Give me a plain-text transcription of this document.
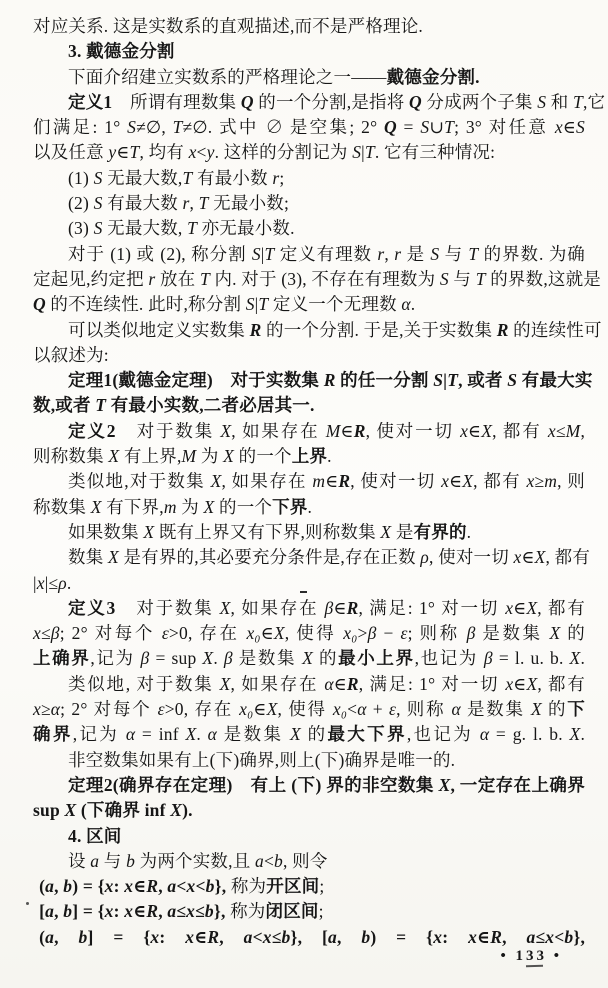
对应关系. 这是实数系的直观描述,而不是严格理论.
3. 戴德金分割
下面介绍建立实数系的严格理论之一——戴德金分割.
定义1　所谓有理数集 Q 的一个分割,是指将 Q 分成两个子集 S 和 T,它
们满足: 1° S≠∅, T≠∅. 式中 ∅ 是空集; 2° Q = S∪T; 3° 对任意 x∈S
以及任意 y∈T, 均有 x<y. 这样的分割记为 S|T. 它有三种情况:
(1) S 无最大数,T 有最小数 r;
(2) S 有最大数 r, T 无最小数;
(3) S 无最大数, T 亦无最小数.
对于 (1) 或 (2), 称分割 S|T 定义有理数 r, r 是 S 与 T 的界数. 为确
定起见,约定把 r 放在 T 内. 对于 (3), 不存在有理数为 S 与 T 的界数,这就是
Q 的不连续性. 此时,称分割 S|T 定义一个无理数 α.
可以类似地定义实数集 R 的一个分割. 于是,关于实数集 R 的连续性可
以叙述为:
定理1(戴德金定理)　对于实数集 R 的任一分割 S|T, 或者 S 有最大实
数,或者 T 有最小实数,二者必居其一.
定义2　对于数集 X, 如果存在 M∈R, 使对一切 x∈X, 都有 x≤M,
则称数集 X 有上界,M 为 X 的一个上界.
类似地,对于数集 X, 如果存在 m∈R, 使对一切 x∈X, 都有 x≥m, 则
称数集 X 有下界,m 为 X 的一个下界.
如果数集 X 既有上界又有下界,则称数集 X 是有界的.
数集 X 是有界的,其必要充分条件是,存在正数 ρ, 使对一切 x∈X, 都有
|x|≤ρ.
定义3　对于数集 X, 如果存在 β∈R, 满足: 1° 对一切 x∈X, 都有
x≤β; 2° 对每个 ε>0, 存在 x₀∈X, 使得 x₀>β − ε; 则称 β 是数集 X 的
上确界,记为 β = sup X. β 是数集 X 的最小上界,也记为 β = l. u. b. X.
类似地, 对于数集 X, 如果存在 α∈R, 满足: 1° 对一切 x∈X, 都有
x≥α; 2° 对每个 ε>0, 存在 x₀∈X, 使得 x₀<α + ε, 则称 α 是数集 X 的下
确界,记为 α = inf X. α 是数集 X 的最大下界,也记为 α = g. l. b. X.
非空数集如果有上(下)确界,则上(下)确界是唯一的.
定理2(确界存在定理)　有上 (下) 界的非空数集 X, 一定存在上确界
sup X (下确界 inf X).
4. 区间
设 a 与 b 为两个实数,且 a<b, 则令
(a, b) = {x: x∈R, a<x<b}, 称为开区间;
[a, b] = {x: x∈R, a≤x≤b}, 称为闭区间;
(a, b] = {x: x∈R, a<x≤b}, [a, b) = {x: x∈R, a≤x<b},
• 133 •
